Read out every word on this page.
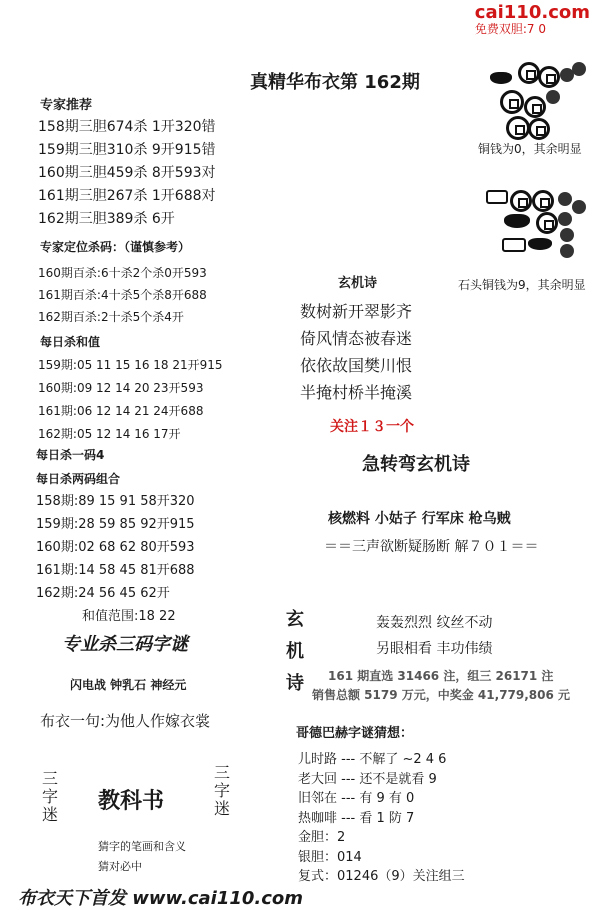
cai110.com
免费双胆:7 0
真精华布衣第 162期
铜钱为0，其余明显
石头铜钱为9，其余明显
专家推荐
158期三胆674杀 1开320错
159期三胆310杀 9开915错
160期三胆459杀 8开593对
161期三胆267杀 1开688对
162期三胆389杀 6开
专家定位杀码：（谨慎参考）
160期百杀:6十杀2个杀0开593
161期百杀:4十杀5个杀8开688
162期百杀:2十杀5个杀4开
每日杀和值
159期:05 11 15 16 18 21开915
160期:09 12 14 20 23开593
161期:06 12 14 21 24开688
162期:05 12 14 16 17开
每日杀一码4
每日杀两码组合
158期:89 15 91 58开320
159期:28 59 85 92开915
160期:02 68 62 80开593
161期:14 58 45 81开688
162期:24 56 45 62开
和值范围:18 22
专业杀三码字谜
闪电战 钟乳石 神经元
布衣一句:为他人作嫁衣裳
三
字
迷
教科书
三
字
迷
猜字的笔画和含义
猜对必中
布衣天下首发 www.cai110.com
玄机诗
数树新开翠影齐
倚风情态被春迷
依依故国樊川恨
半掩村桥半掩溪
关注１３一个
急转弯玄机诗
核燃料 小姑子 行军床 枪乌贼
＝＝三声欲断疑肠断 解７０１＝＝
玄
机
诗
轰轰烈烈 纹丝不动
另眼相看 丰功伟绩
161 期直选 31466 注，组三 26171 注
销售总额 5179 万元，中奖金 41,779,806 元
哥德巴赫字谜猜想：
儿时路 --- 不解了 ~2 4 6
老大回 --- 还不是就看 9
旧邻在 --- 有 9 有 0
热咖啡 --- 看 1 防 7
金胆：2
银胆：014
复式：01246（9）关注组三
